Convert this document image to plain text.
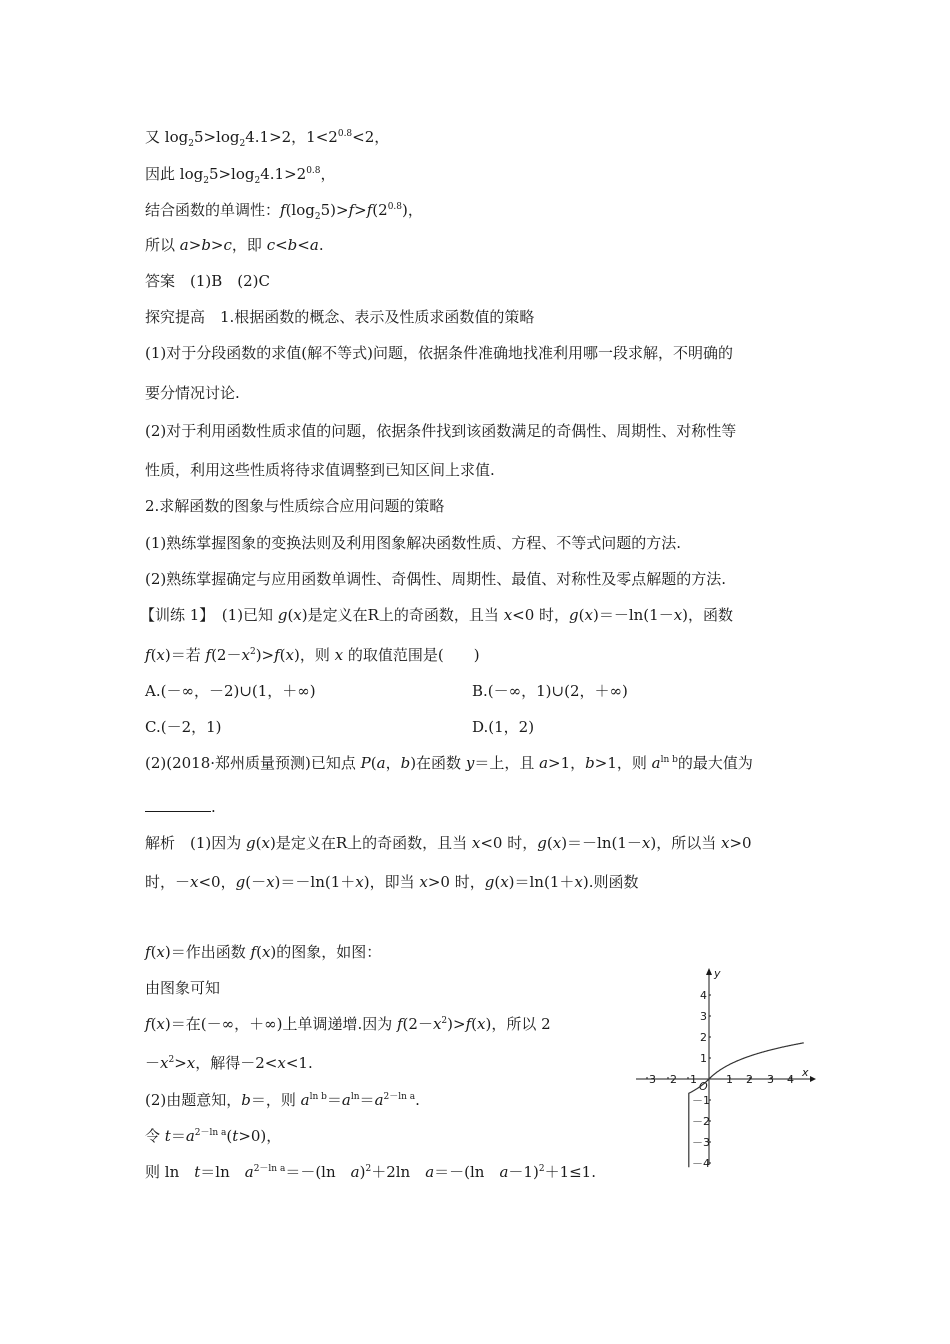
又 $\log_25>\log_24.1>2$，$1<2^{0.8}<2$，
因此 $\log_25>\log_24.1>2^{0.8}$，
结合函数的单调性：$f(\log_25)>f>f(2^{0.8})$，
所以 a>b>c，即 c<b<a.
答案　(1)B　(2)C
探究提高　1.根据函数的概念、表示及性质求函数值的策略
(1)对于分段函数的求值(解不等式)问题，依据条件准确地找准利用哪一段求解，不明确的
要分情况讨论.
(2)对于利用函数性质求值的问题，依据条件找到该函数满足的奇偶性、周期性、对称性等
性质，利用这些性质将待求值调整到已知区间上求值.
2.求解函数的图象与性质综合应用问题的策略
(1)熟练掌握图象的变换法则及利用图象解决函数性质、方程、不等式问题的方法.
(2)熟练掌握确定与应用函数单调性、奇偶性、周期性、最值、对称性及零点解题的方法.
【训练 1】　(1)已知 g(x)是定义在R上的奇函数，且当 x<0 时，g(x)＝－ln(1－x)，函数
f(x)＝若 $f(2-x^2)>f(x)$，则 x 的取值范围是(　　)
A.(－∞，－2)∪(1，＋∞)	B.(－∞，1)∪(2，＋∞)
C.(－2，1)	D.(1，2)
(2)(2018·郑州质量预测)已知点 P(a，b)在函数 y＝上，且 a>1，b>1，则 $a^{ln b}$的最大值为
.
解析　(1)因为 g(x)是定义在R上的奇函数，且当 x<0 时，g(x)＝－ln(1－x)，所以当 x>0
时，－x<0，g(－x)＝－ln(1＋x)，即当 x>0 时，g(x)＝ln(1＋x).则函数
f(x)＝作出函数 f(x)的图象，如图：
由图象可知
f(x)＝在(－∞，＋∞)上单调递增.因为 $f(2-x^2)>f(x)$，所以 2
$-x^2>x$，解得－2<x<1.
(2)由题意知，b＝，则 $a^{ln b}=a^{ln}=a^{2-ln a}$.
令 $t=a^{2-ln a}(t>0)$，
则 ln　t＝ln　$a^{2-ln a}=-(\ln$　a)$^2$＋2ln　a＝－(ln　a－1)$^2$＋1≤1.
x
y
O
－3 －2 －1	1 2 3 4
4
3
2
1
－1
－2
－3
－4
